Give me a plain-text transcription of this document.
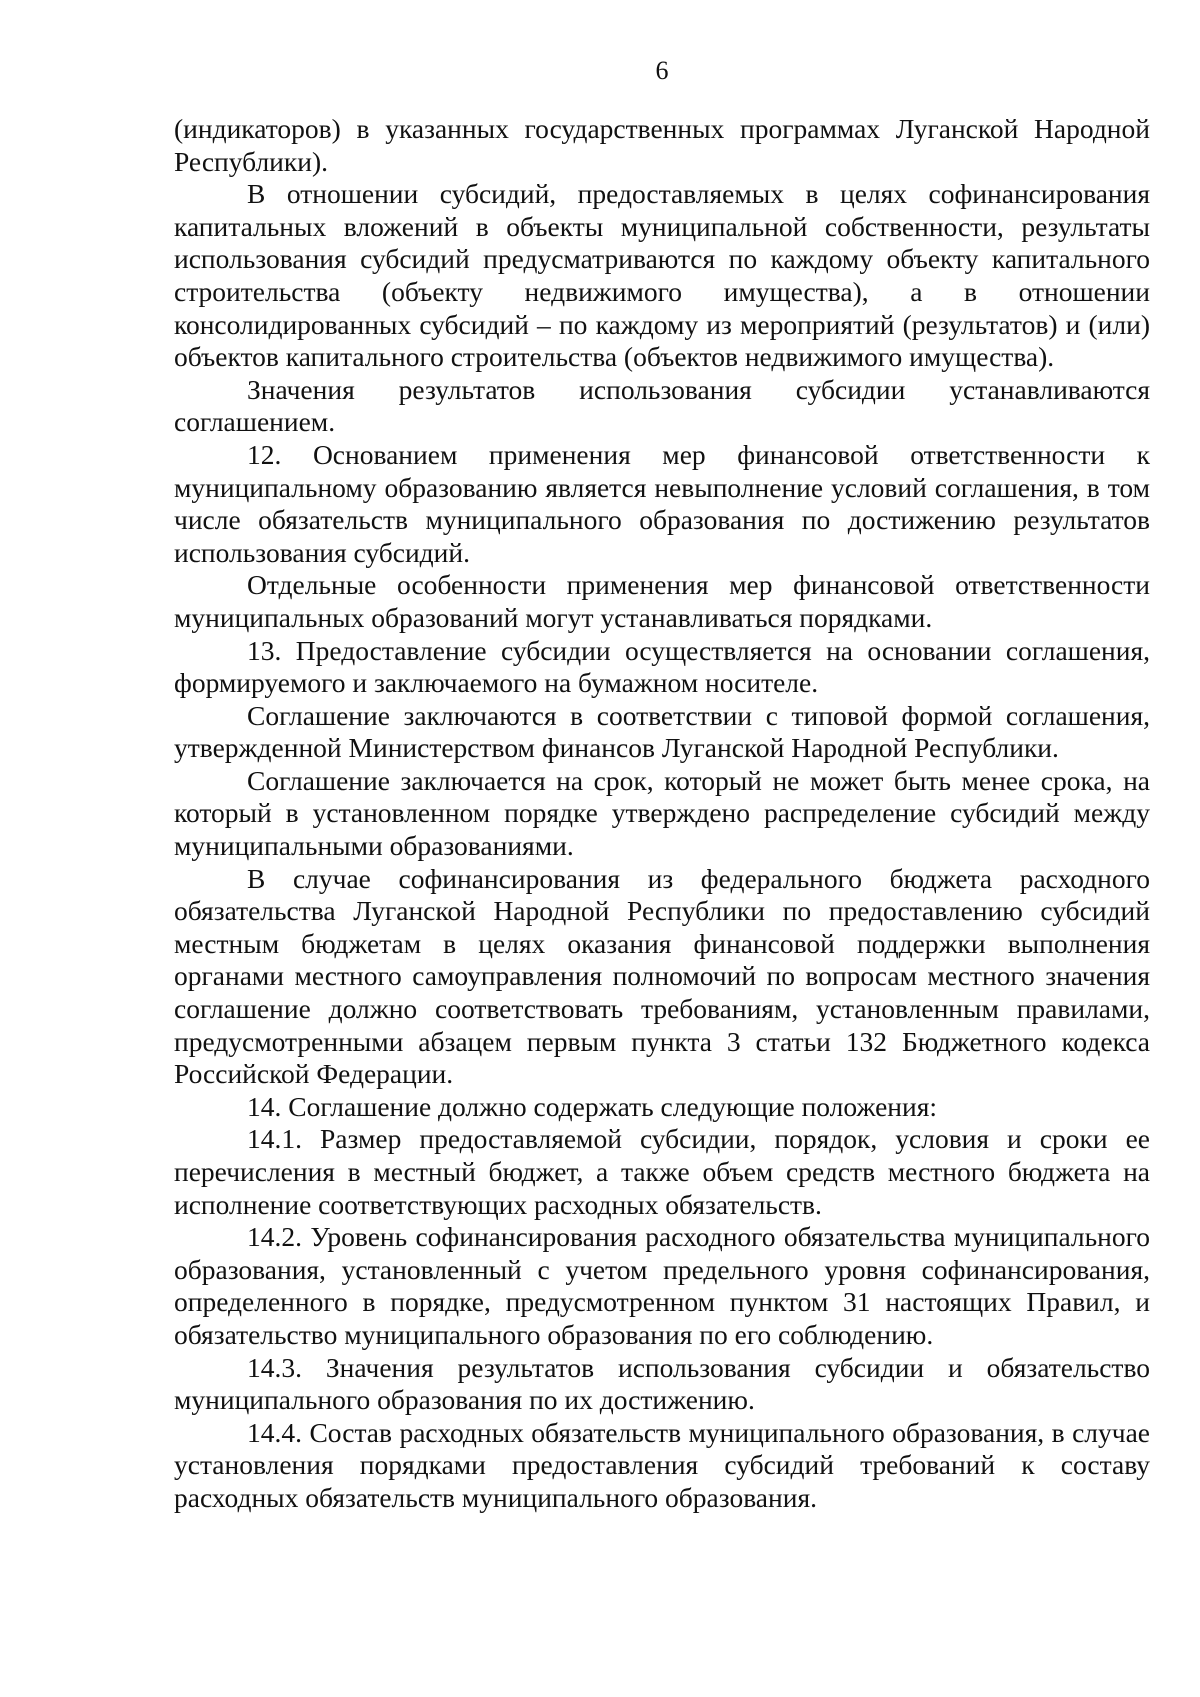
6

(индикаторов) в указанных государственных программах Луганской Народной Республики).

В отношении субсидий, предоставляемых в целях софинансирования капитальных вложений в объекты муниципальной собственности, результаты использования субсидий предусматриваются по каждому объекту капитального строительства (объекту недвижимого имущества), а в отношении консолидированных субсидий – по каждому из мероприятий (результатов) и (или) объектов капитального строительства (объектов недвижимого имущества).

Значения результатов использования субсидии устанавливаются соглашением.

12. Основанием применения мер финансовой ответственности к муниципальному образованию является невыполнение условий соглашения, в том числе обязательств муниципального образования по достижению результатов использования субсидий.

Отдельные особенности применения мер финансовой ответственности муниципальных образований могут устанавливаться порядками.

13. Предоставление субсидии осуществляется на основании соглашения, формируемого и заключаемого на бумажном носителе.

Соглашение заключаются в соответствии с типовой формой соглашения, утвержденной Министерством финансов Луганской Народной Республики.

Соглашение заключается на срок, который не может быть менее срока, на который в установленном порядке утверждено распределение субсидий между муниципальными образованиями.

В случае софинансирования из федерального бюджета расходного обязательства Луганской Народной Республики по предоставлению субсидий местным бюджетам в целях оказания финансовой поддержки выполнения органами местного самоуправления полномочий по вопросам местного значения соглашение должно соответствовать требованиям, установленным правилами, предусмотренными абзацем первым пункта 3 статьи 132 Бюджетного кодекса Российской Федерации.

14. Соглашение должно содержать следующие положения:

14.1. Размер предоставляемой субсидии, порядок, условия и сроки ее перечисления в местный бюджет, а также объем средств местного бюджета на исполнение соответствующих расходных обязательств.

14.2. Уровень софинансирования расходного обязательства муниципального образования, установленный с учетом предельного уровня софинансирования, определенного в порядке, предусмотренном пунктом 31 настоящих Правил, и обязательство муниципального образования по его соблюдению.

14.3. Значения результатов использования субсидии и обязательство муниципального образования по их достижению.

14.4. Состав расходных обязательств муниципального образования, в случае установления порядками предоставления субсидий требований к составу расходных обязательств муниципального образования.
